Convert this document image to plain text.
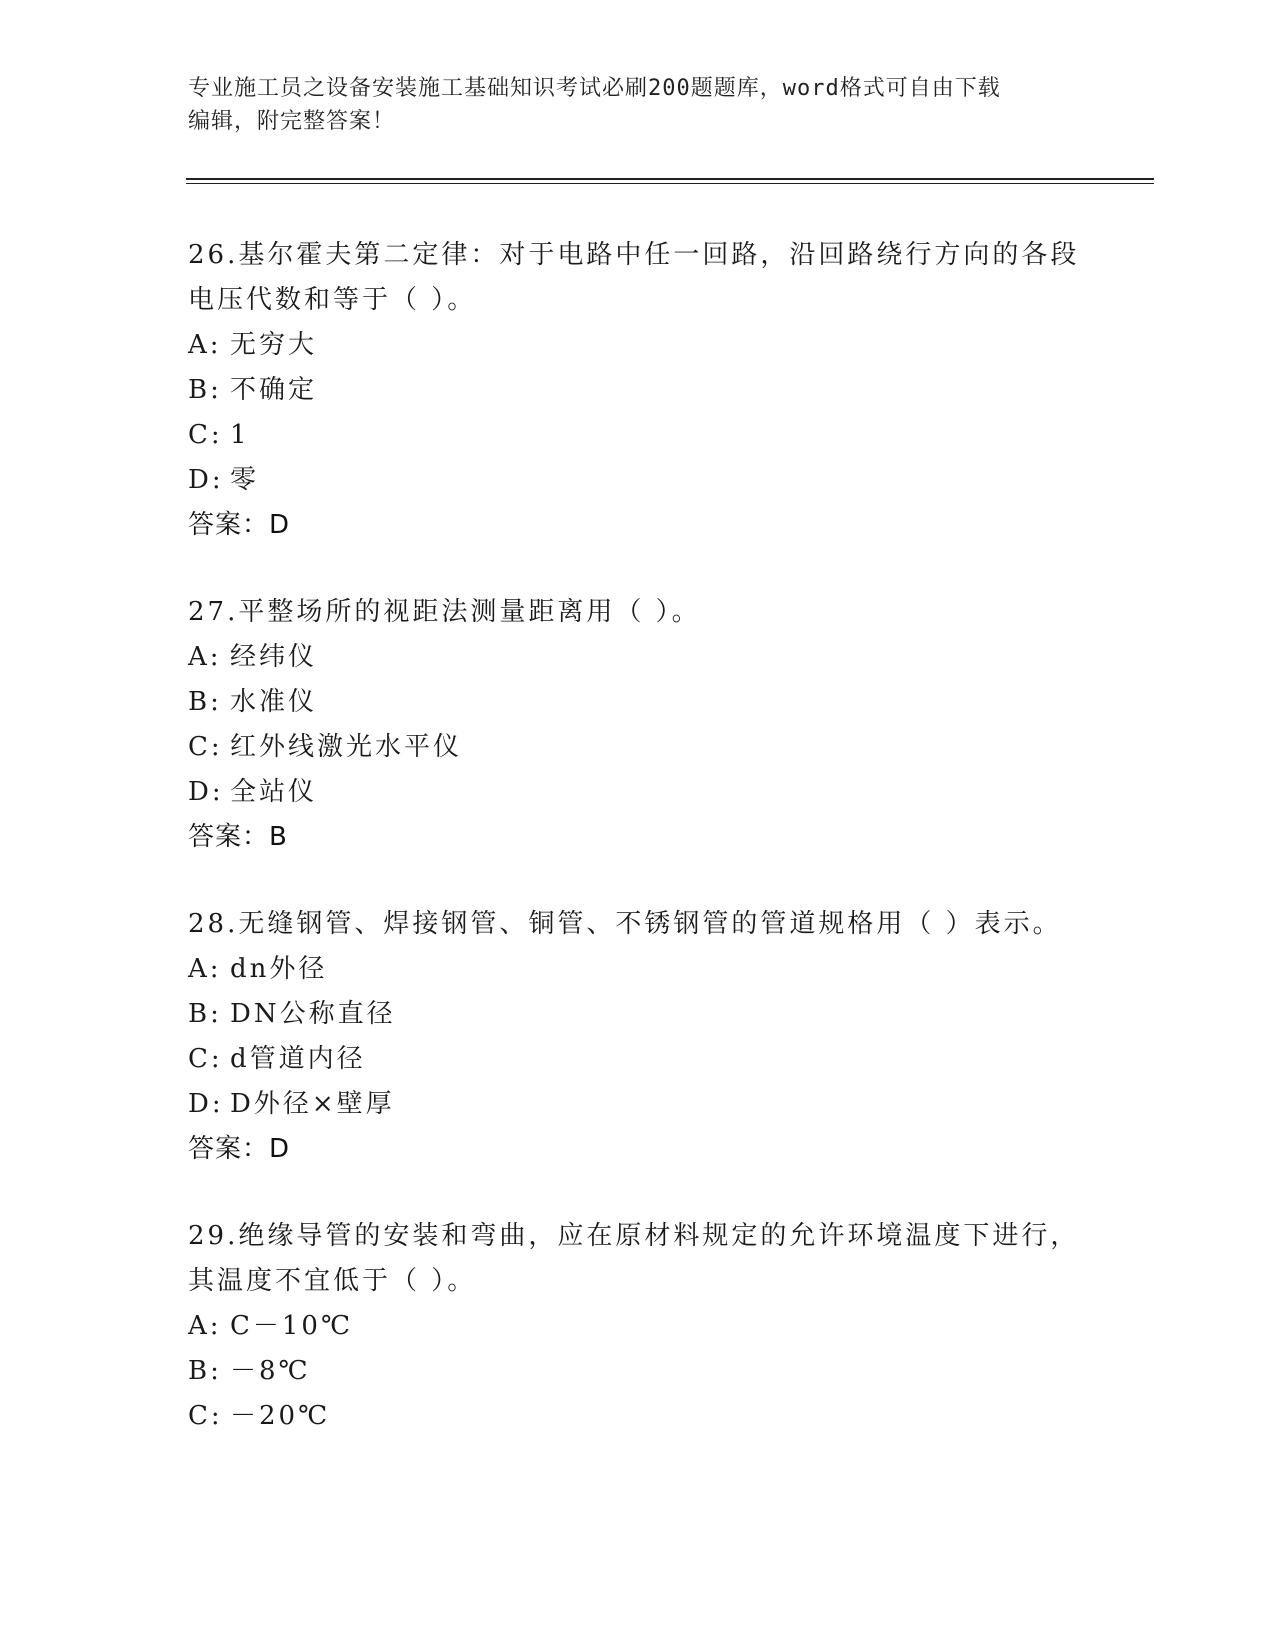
专业施工员之设备安装施工基础知识考试必刷200题题库，word格式可自由下载
编辑，附完整答案！

26.基尔霍夫第二定律：对于电路中任一回路，沿回路绕行方向的各段

电压代数和等于（ ）。

A: 无穷大
B: 不确定
C: 1
D: 零

答案：D

27.平整场所的视距法测量距离用（ ）。

A: 经纬仪
B: 水准仪
C: 红外线激光水平仪
D: 全站仪

答案：B

28.无缝钢管、焊接钢管、铜管、不锈钢管的管道规格用（ ）表示。

A: dn外径
B: DN公称直径
C: d管道内径
D: D外径×壁厚

答案：D

29.绝缘导管的安装和弯曲，应在原材料规定的允许环境温度下进行，

其温度不宜低于（ ）。

A: C－10℃
B: －8℃
C: －20℃
